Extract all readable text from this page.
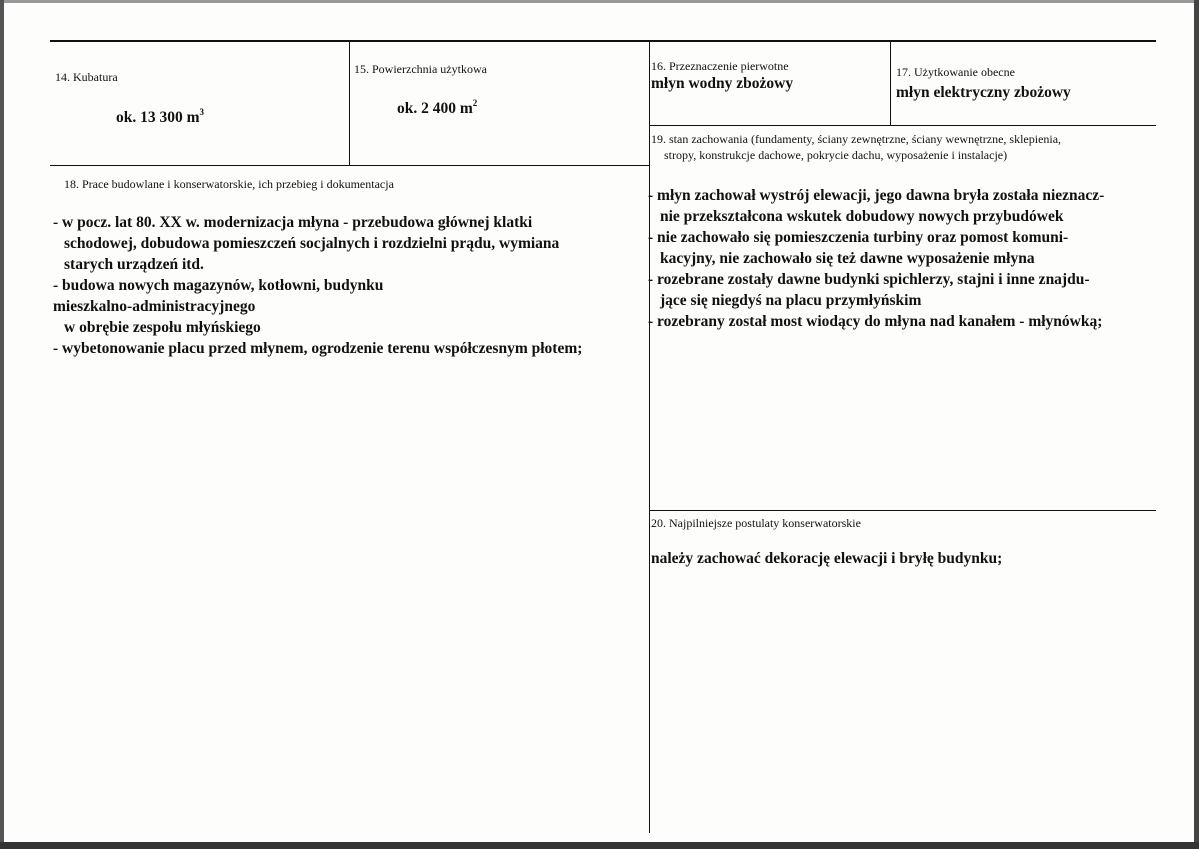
14. Kubatura
ok. 13 300 $m^3$
15. Powierzchnia użytkowa
ok. 2 400 $m^2$
16. Przeznaczenie pierwotne
młyn wodny zbożowy
17. Użytkowanie obecne
młyn elektryczny zbożowy
18. Prace budowlane i konserwatorskie, ich przebieg i dokumentacja
- w pocz. lat 80. XX w. modernizacja młyna - przebudowa głównej klatki
schodowej, dobudowa pomieszczeń socjalnych i rozdzielni prądu, wymiana
starych urządzeń itd.
- budowa nowych magazynów, kotłowni, budynku
mieszkalno-administracyjnego
w obrębie zespołu młyńskiego
- wybetonowanie placu przed młynem, ogrodzenie terenu współczesnym płotem;
19. stan zachowania (fundamenty, ściany zewnętrzne, ściany wewnętrzne, sklepienia,
stropy, konstrukcje dachowe, pokrycie dachu, wyposażenie i instalacje)
- młyn zachował wystrój elewacji, jego dawna bryła została nieznacz-
nie przekształcona wskutek dobudowy nowych przybudówek
- nie zachowało się pomieszczenia turbiny oraz pomost komuni-
kacyjny, nie zachowało się też dawne wyposażenie młyna
- rozebrane zostały dawne budynki spichlerzy, stajni i inne znajdu-
jące się niegdyś na placu przymłyńskim
- rozebrany został most wiodący do młyna nad kanałem - młynówką;
20. Najpilniejsze postulaty konserwatorskie
należy zachować dekorację elewacji i bryłę budynku;
